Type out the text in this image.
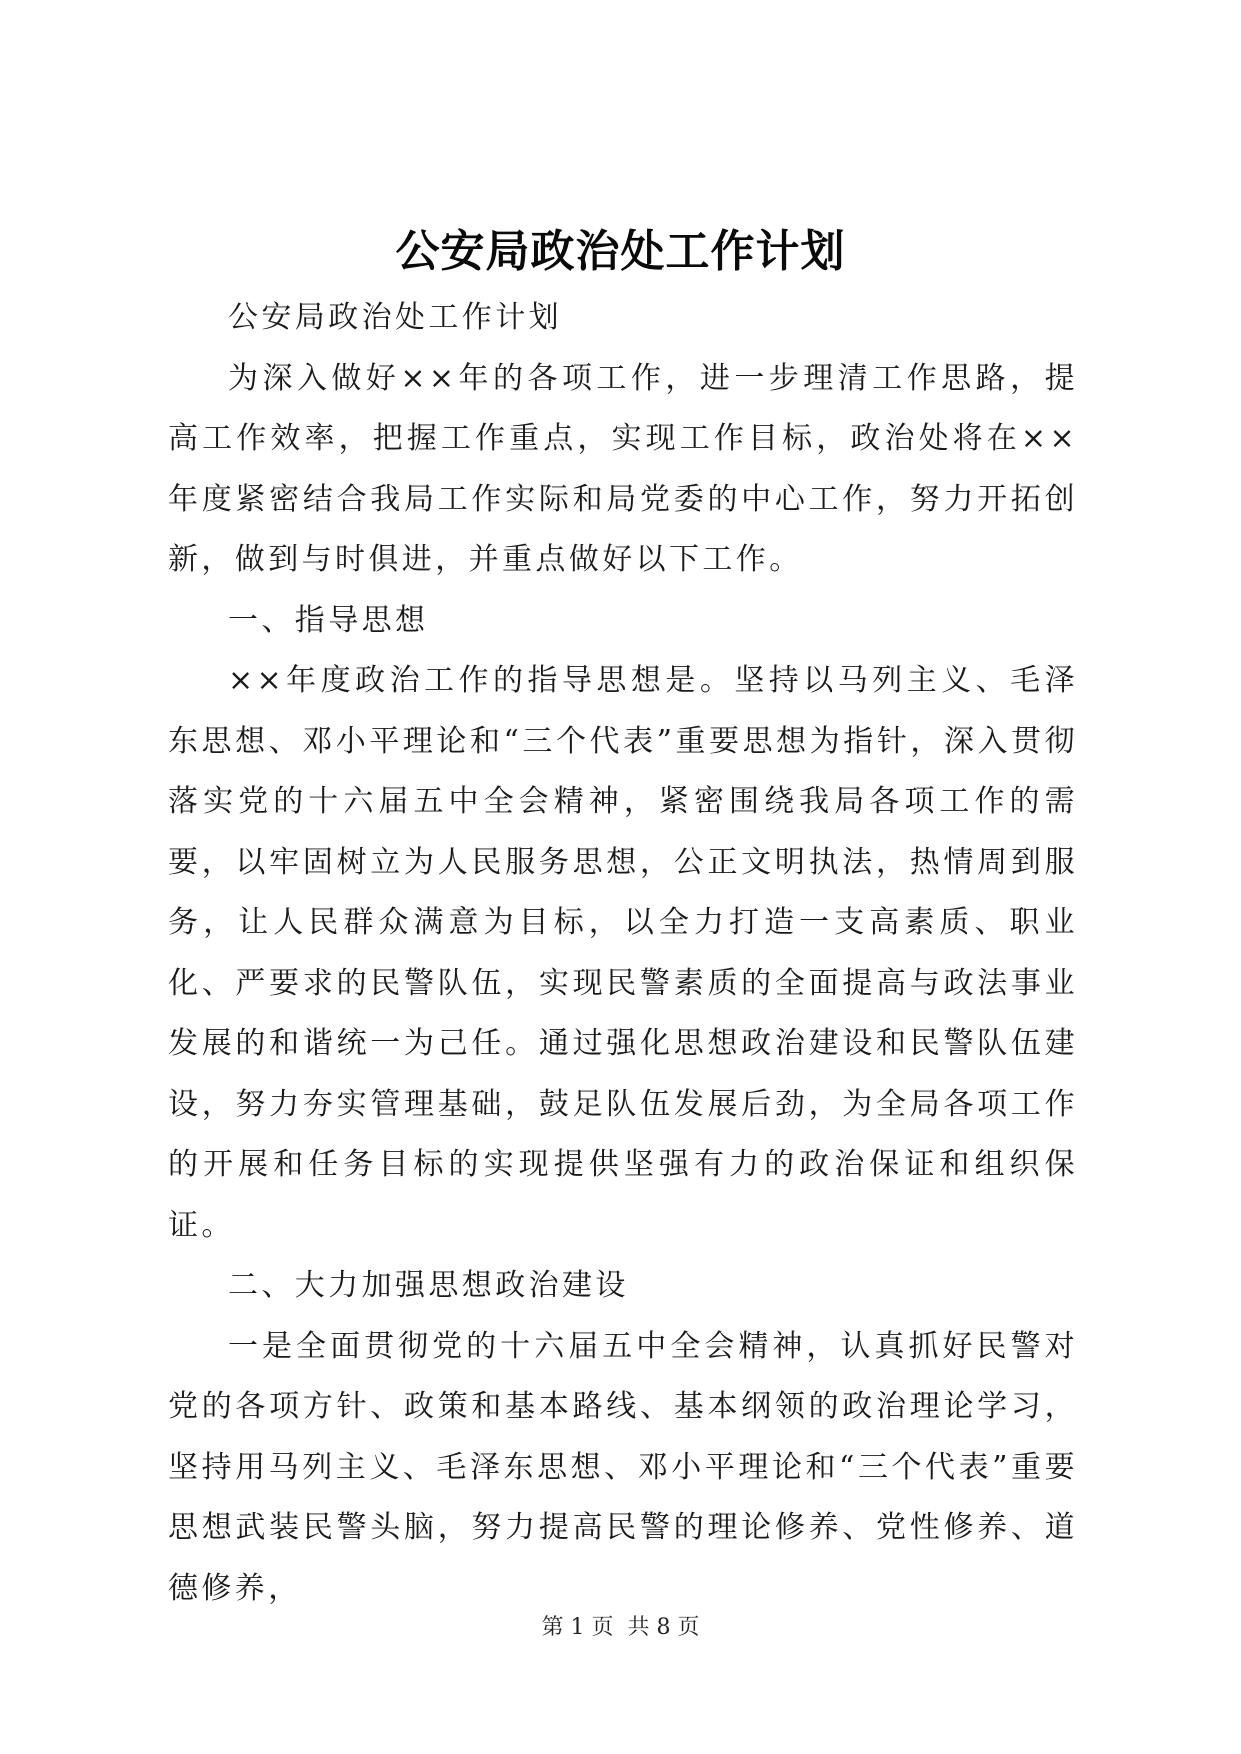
公安局政治处工作计划

公安局政治处工作计划

为深入做好××年的各项工作，进一步理清工作思路，提高工作效率，把握工作重点，实现工作目标，政治处将在××年度紧密结合我局工作实际和局党委的中心工作，努力开拓创新，做到与时俱进，并重点做好以下工作。

一、指导思想

××年度政治工作的指导思想是。坚持以马列主义、毛泽东思想、邓小平理论和“三个代表”重要思想为指针，深入贯彻落实党的十六届五中全会精神，紧密围绕我局各项工作的需要，以牢固树立为人民服务思想，公正文明执法，热情周到服务，让人民群众满意为目标，以全力打造一支高素质、职业化、严要求的民警队伍，实现民警素质的全面提高与政法事业发展的和谐统一为己任。通过强化思想政治建设和民警队伍建设，努力夯实管理基础，鼓足队伍发展后劲，为全局各项工作的开展和任务目标的实现提供坚强有力的政治保证和组织保证。

二、大力加强思想政治建设

一是全面贯彻党的十六届五中全会精神，认真抓好民警对党的各项方针、政策和基本路线、基本纲领的政治理论学习，坚持用马列主义、毛泽东思想、邓小平理论和“三个代表”重要思想武装民警头脑，努力提高民警的理论修养、党性修养、道德修养，

第 1 页  共 8 页
